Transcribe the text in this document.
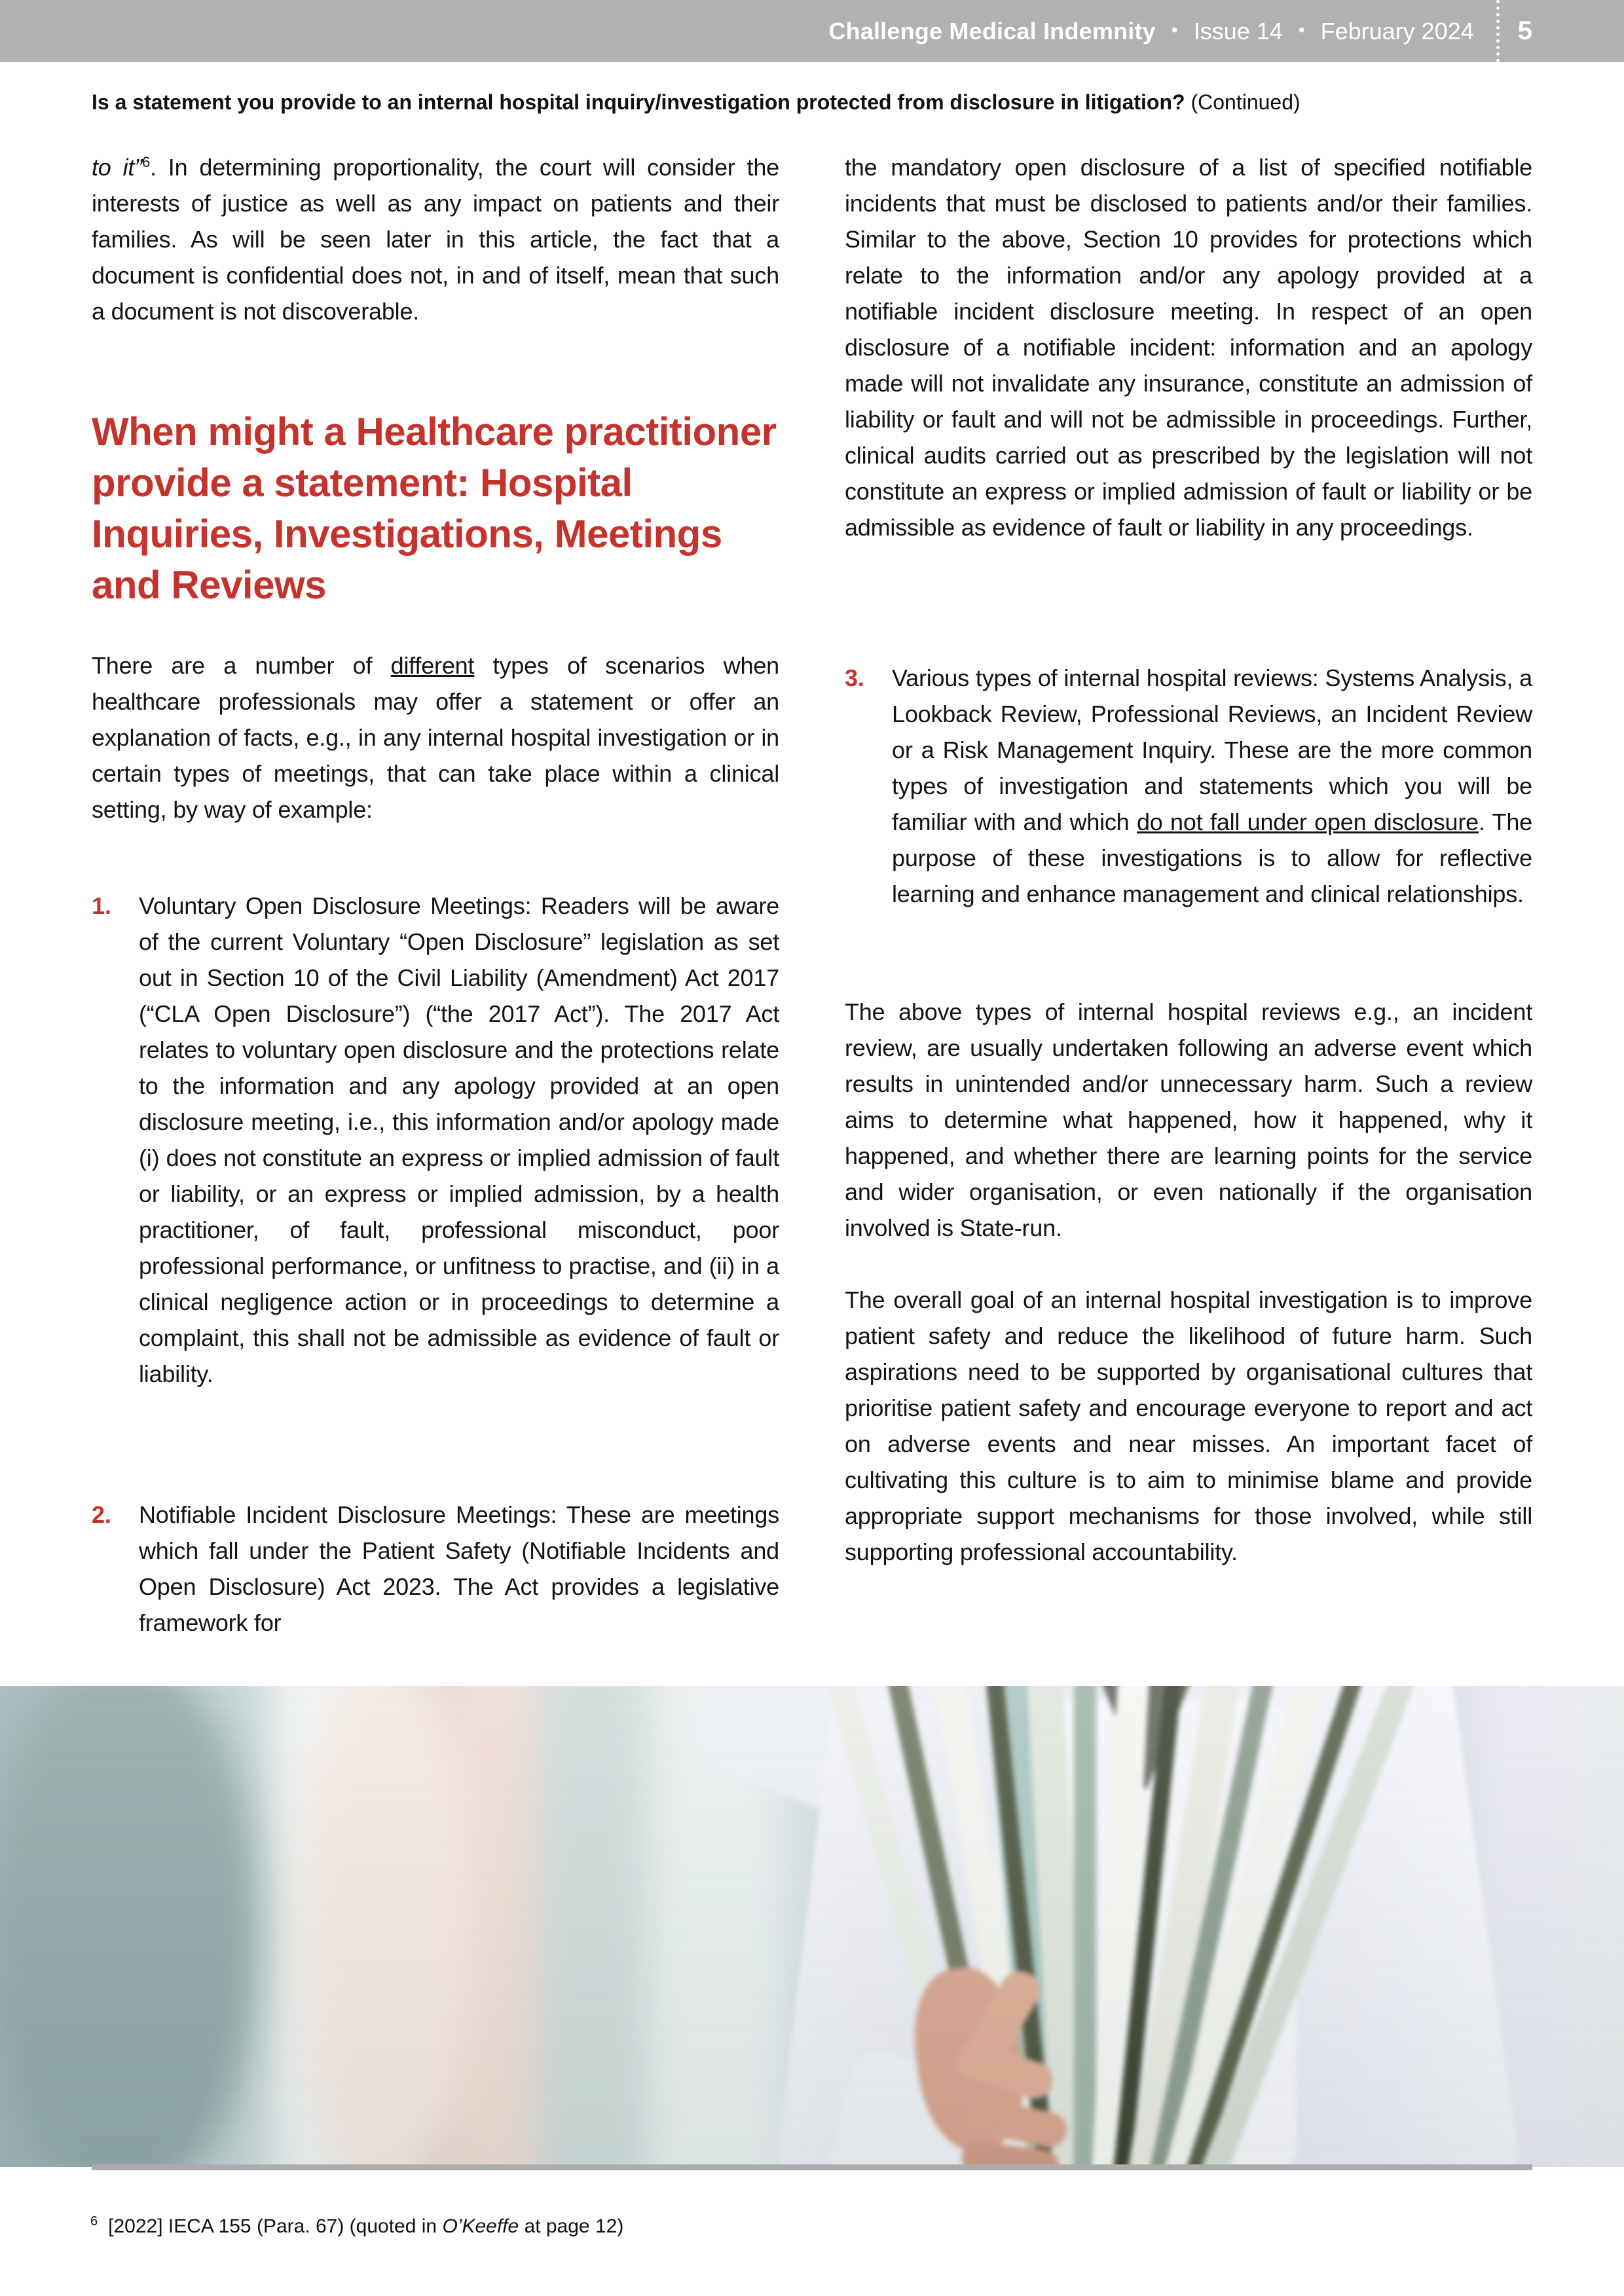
Challenge Medical Indemnity • Issue 14 • February 2024 5
Is a statement you provide to an internal hospital inquiry/investigation protected from disclosure in litigation? (Continued)

to it”$^6$. In determining proportionality, the court will consider the interests of justice as well as any impact on patients and their families. As will be seen later in this article, the fact that a document is confidential does not, in and of itself, mean that such a document is not discoverable.

When might a Healthcare practitioner provide a statement: Hospital Inquiries, Investigations, Meetings and Reviews

There are a number of different types of scenarios when healthcare professionals may offer a statement or offer an explanation of facts, e.g., in any internal hospital investigation or in certain types of meetings, that can take place within a clinical setting, by way of example:

1.	Voluntary Open Disclosure Meetings: Readers will be aware of the current Voluntary “Open Disclosure” legislation as set out in Section 10 of the Civil Liability (Amendment) Act 2017 (“CLA Open Disclosure”) (“the 2017 Act”). The 2017 Act relates to voluntary open disclosure and the protections relate to the information and any apology provided at an open disclosure meeting, i.e., this information and/or apology made (i) does not constitute an express or implied admission of fault or liability, or an express or implied admission, by a health practitioner, of fault, professional misconduct, poor professional performance, or unfitness to practise, and (ii) in a clinical negligence action or in proceedings to determine a complaint, this shall not be admissible as evidence of fault or liability.
2.	Notifiable Incident Disclosure Meetings: These are meetings which fall under the Patient Safety (Notifiable Incidents and Open Disclosure) Act 2023. The Act provides a legislative framework for

the mandatory open disclosure of a list of specified notifiable incidents that must be disclosed to patients and/or their families. Similar to the above, Section 10 provides for protections which relate to the information and/or any apology provided at a notifiable incident disclosure meeting. In respect of an open disclosure of a notifiable incident: information and an apology made will not invalidate any insurance, constitute an admission of liability or fault and will not be admissible in proceedings. Further, clinical audits carried out as prescribed by the legislation will not constitute an express or implied admission of fault or liability or be admissible as evidence of fault or liability in any proceedings.

3.	Various types of internal hospital reviews: Systems Analysis, a Lookback Review, Professional Reviews, an Incident Review or a Risk Management Inquiry. These are the more common types of investigation and statements which you will be familiar with and which do not fall under open disclosure. The purpose of these investigations is to allow for reflective learning and enhance management and clinical relationships.

The above types of internal hospital reviews e.g., an incident review, are usually undertaken following an adverse event which results in unintended and/or unnecessary harm. Such a review aims to determine what happened, how it happened, why it happened, and whether there are learning points for the service and wider organisation, or even nationally if the organisation involved is State-run.

The overall goal of an internal hospital investigation is to improve patient safety and reduce the likelihood of future harm. Such aspirations need to be supported by organisational cultures that prioritise patient safety and encourage everyone to report and act on adverse events and near misses. An important facet of cultivating this culture is to aim to minimise blame and provide appropriate support mechanisms for those involved, while still supporting professional accountability.

$^6$ [2022] IECA 155 (Para. 67) (quoted in O’Keeffe at page 12)
